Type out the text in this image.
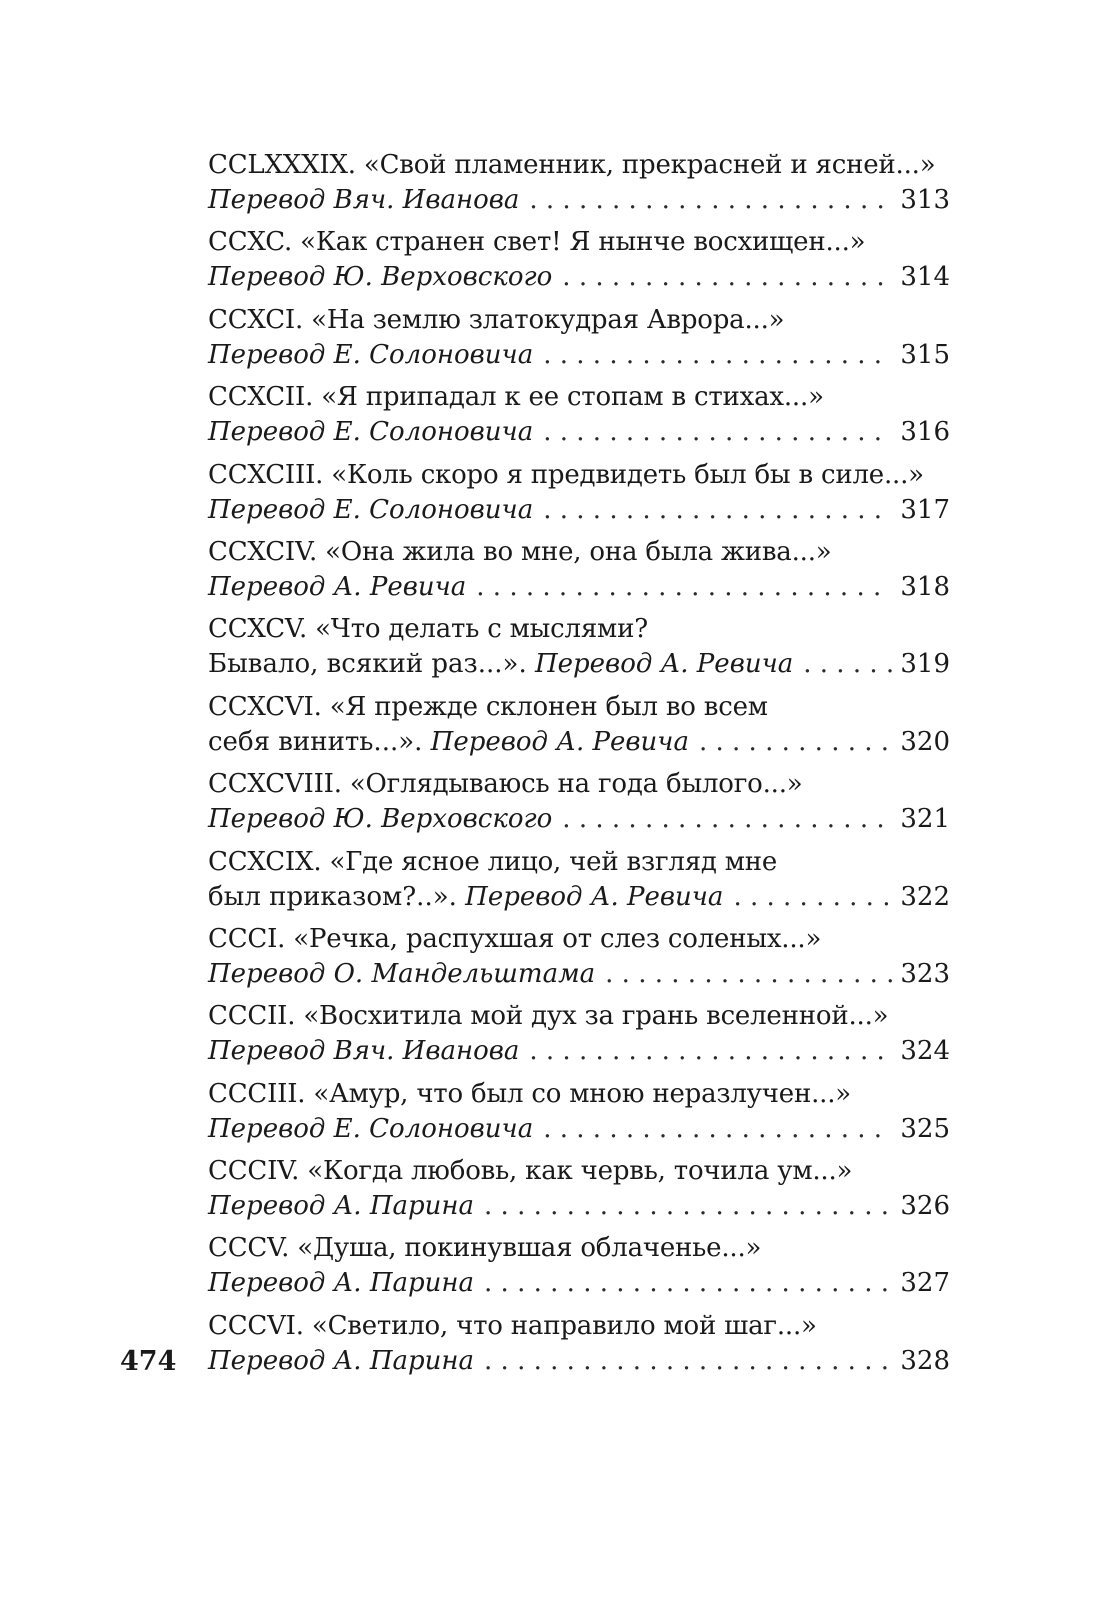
CCLXXXIX. «Свой пламенник, прекрасней и ясней...»
Перевод Вяч. Иванова . . .	313
CCXC. «Как странен свет! Я нынче восхищен...»
Перевод Ю. Верховского . . .	314
CCXCI. «На землю златокудрая Аврора...»
Перевод Е. Солоновича . . .	315
CCXCII. «Я припадал к ее стопам в стихах...»
Перевод Е. Солоновича . . .	316
CCXCIII. «Коль скоро я предвидеть был бы в силе...»
Перевод Е. Солоновича . . .	317
CCXCIV. «Она жила во мне, она была жива...»
Перевод А. Ревича . . .	318
CCXCV. «Что делать с мыслями?
Бывало, всякий раз...».
Перевод А. Ревича . . .	319
CCXCVI. «Я прежде склонен был во всем
себя винить...».
Перевод А. Ревича . . .	320
CCXCVIII. «Оглядываюсь на года былого...»
Перевод Ю. Верховского . . .	321
CCXCIX. «Где ясное лицо, чей взгляд мне
был приказом?..».
Перевод А. Ревича . . .	322
CCCI. «Речка, распухшая от слез соленых...»
Перевод О. Мандельштама . . .	323
CCCII. «Восхитила мой дух за грань вселенной...»
Перевод Вяч. Иванова . . .	324
CCCIII. «Амур, что был со мною неразлучен...»
Перевод Е. Солоновича . . .	325
CCCIV. «Когда любовь, как червь, точила ум...»
Перевод А. Парина . . .	326
CCCV. «Душа, покинувшая облаченье...»
Перевод А. Парина . . .	327
CCCVI. «Светило, что направило мой шаг...»
Перевод А. Парина . . .	328
474
